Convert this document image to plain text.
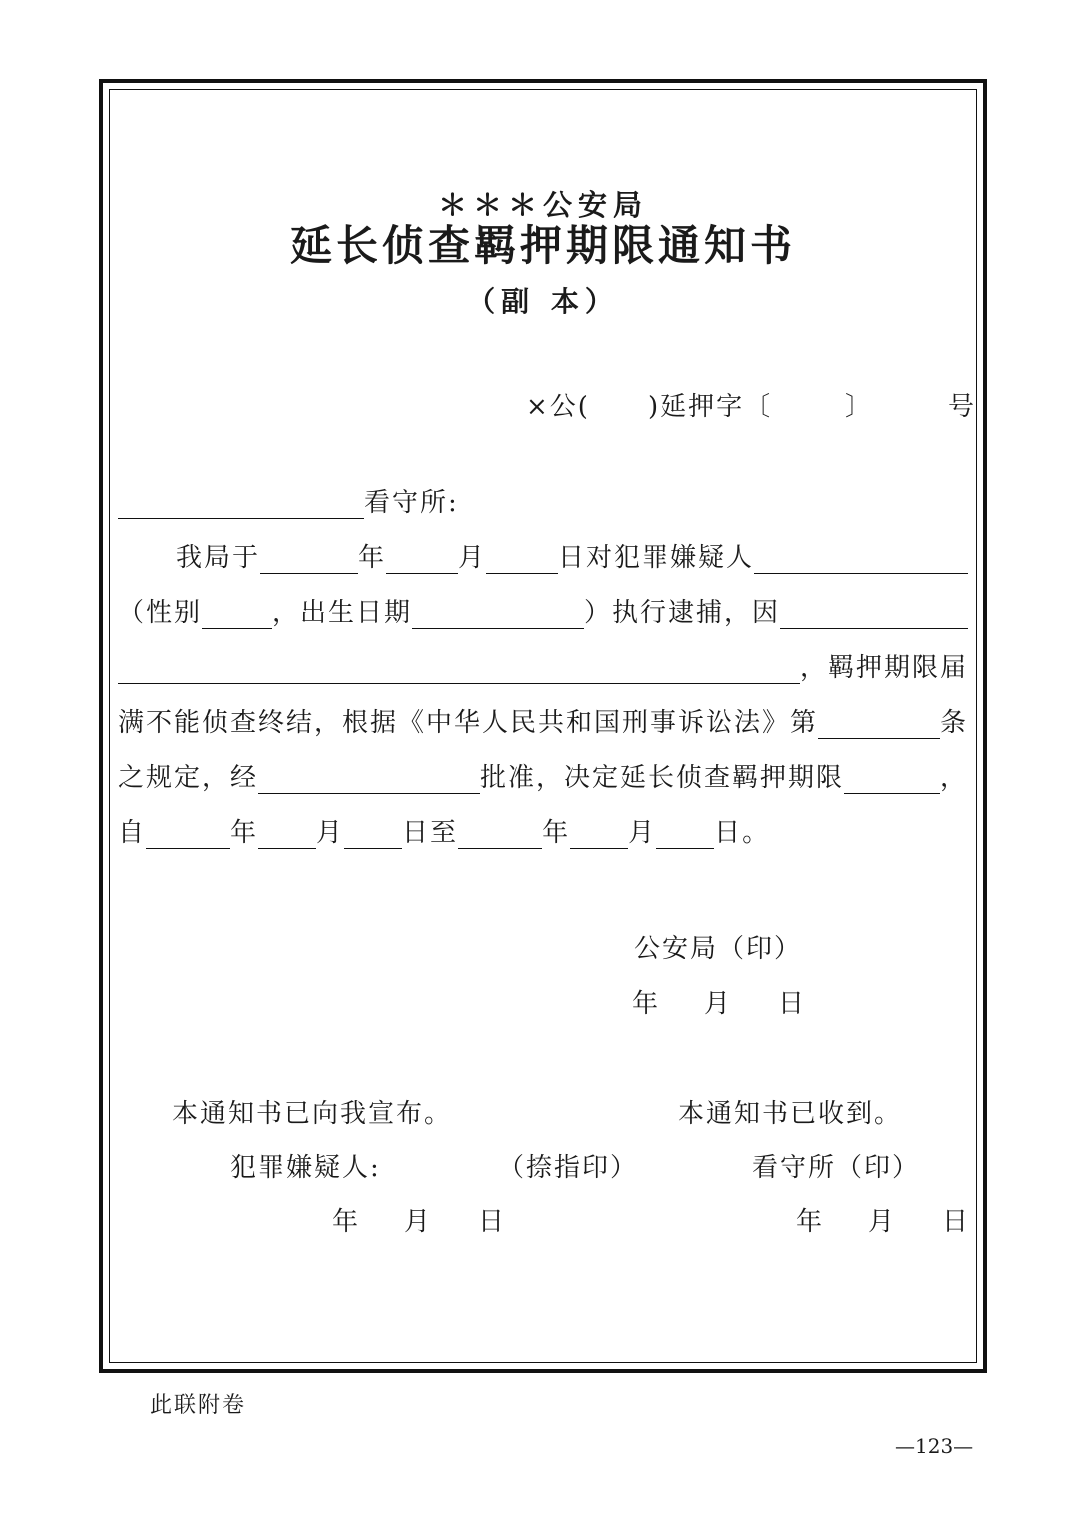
＊＊＊公安局
延长侦查羁押期限通知书
（副 本）
×公( )延押字〔	〕	号
看守所:
我局于	年	月	日对犯罪嫌疑人
（性别	，出生日期	）执行逮捕，因
，羁押期限届
满不能侦查终结，根据《中华人民共和国刑事诉讼法》第	条
之规定，经	批准，决定延长侦查羁押期限	，
自	年 月 日至	年 月 日。
公安局（印）
年 月 日
本通知书已向我宣布。
犯罪嫌疑人:	（捺指印）
年 月 日
本通知书已收到。
看守所（印）
年 月 日
此联附卷
—123—
